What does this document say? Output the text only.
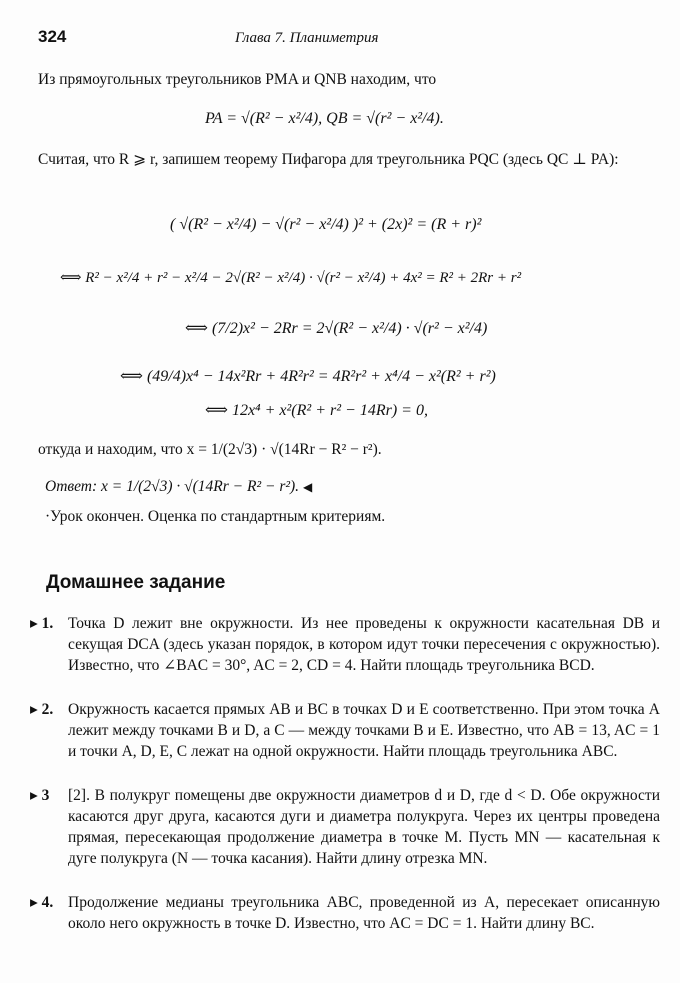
324	Глава 7. Планиметрия
Из прямоугольных треугольников PMA и QNB находим, что
PA = √(R² − x²/4), QB = √(r² − x²/4).
Считая, что R ⩾ r, запишем теорему Пифагора для треугольника PQC (здесь QC ⊥ PA):
( √(R² − x²/4) − √(r² − x²/4) )² + (2x)² = (R + r)²
⟺ R² − x²/4 + r² − x²/4 − 2√(R² − x²/4) · √(r² − x²/4) + 4x² = R² + 2Rr + r²
⟺ (7/2)x² − 2Rr = 2√(R² − x²/4) · √(r² − x²/4)
⟺ (49/4)x⁴ − 14x²Rr + 4R²r² = 4R²r² + x⁴/4 − x²(R² + r²)
⟺ 12x⁴ + x²(R² + r² − 14Rr) = 0,
откуда и находим, что x = 1/(2√3) · √(14Rr − R² − r²).
Ответ: x = 1/(2√3) · √(14Rr − R² − r²). ◀
·Урок окончен. Оценка по стандартным критериям.
Домашнее задание
▸ 1. Точка D лежит вне окружности. Из нее проведены к окружности касательная DB и секущая DCA (здесь указан порядок, в котором идут точки пересечения с окружностью). Известно, что ∠BAC = 30°, AC = 2, CD = 4. Найти площадь треугольника BCD.
▸ 2. Окружность касается прямых AB и BC в точках D и E соответственно. При этом точка A лежит между точками B и D, а C — между точками B и E. Известно, что AB = 13, AC = 1 и точки A, D, E, C лежат на одной окружности. Найти площадь треугольника ABC.
▸ 3	[2]. В полукруг помещены две окружности диаметров d и D, где d < D. Обе окружности касаются друг друга, касаются дуги и диаметра полукруга. Через их центры проведена прямая, пересекающая продолжение диаметра в точке M. Пусть MN — касательная к дуге полукруга (N — точка касания). Найти длину отрезка MN.
▸ 4. Продолжение медианы треугольника ABC, проведенной из A, пересекает описанную около него окружность в точке D. Известно, что AC = DC = 1. Найти длину BC.
